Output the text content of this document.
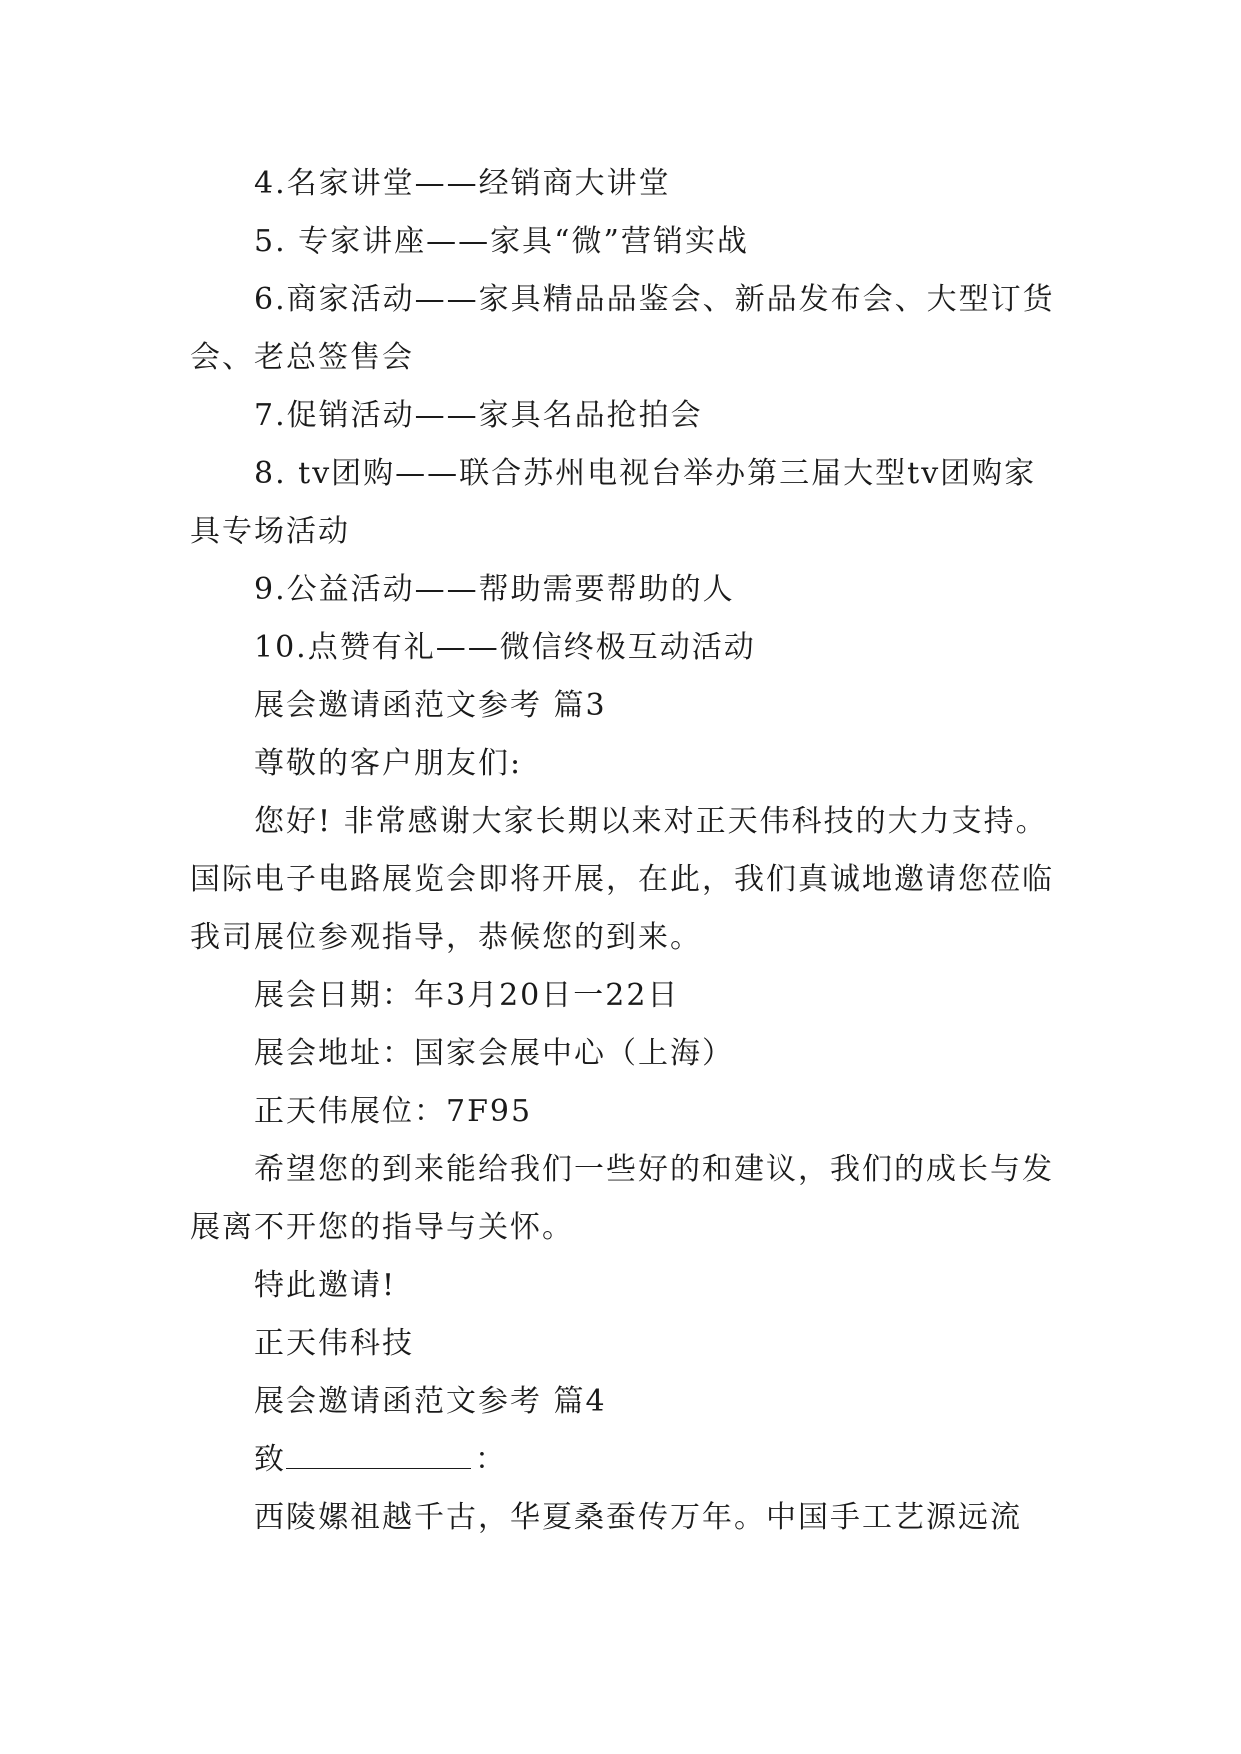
4.名家讲堂——经销商大讲堂

5. 专家讲座——家具“微”营销实战

6.商家活动——家具精品品鉴会、新品发布会、大型订货会、老总签售会

7.促销活动——家具名品抢拍会

8. tv团购——联合苏州电视台举办第三届大型tv团购家具专场活动

9.公益活动——帮助需要帮助的人

10.点赞有礼——微信终极互动活动

展会邀请函范文参考 篇3

尊敬的客户朋友们:

您好! 非常感谢大家长期以来对正天伟科技的大力支持。国际电子电路展览会即将开展，在此，我们真诚地邀请您莅临我司展位参观指导，恭候您的到来。

展会日期：年3月20日一22日

展会地址：国家会展中心（上海）

正天伟展位：7F95

希望您的到来能给我们一些好的和建议，我们的成长与发展离不开您的指导与关怀。

特此邀请!

正天伟科技

展会邀请函范文参考 篇4

致	：

西陵嫘祖越千古，华夏桑蚕传万年。中国手工艺源远流
